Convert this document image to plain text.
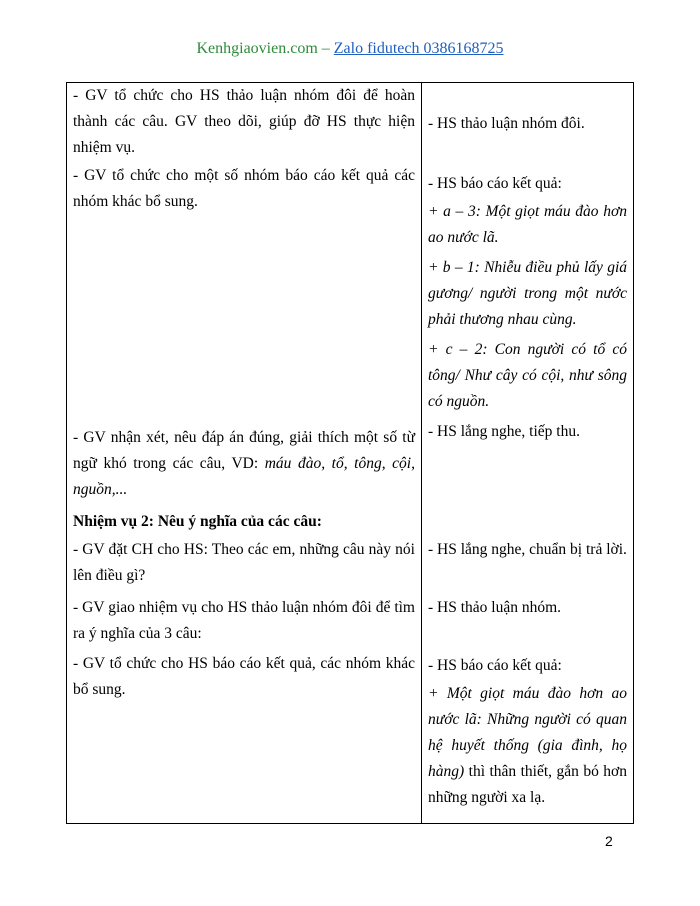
Kenhgiaovien.com – Zalo fidutech 0386168725
- GV tổ chức cho HS thảo luận nhóm đôi để hoàn thành các câu. GV theo dõi, giúp đỡ HS thực hiện nhiệm vụ.
- GV tổ chức cho một số nhóm báo cáo kết quả các nhóm khác bổ sung.
- GV nhận xét, nêu đáp án đúng, giải thích một số từ ngữ khó trong các câu, VD: máu đào, tổ, tông, cội, nguồn,...
Nhiệm vụ 2: Nêu ý nghĩa của các câu:
- GV đặt CH cho HS: Theo các em, những câu này nói lên điều gì?
- GV giao nhiệm vụ cho HS thảo luận nhóm đôi để tìm ra ý nghĩa của 3 câu:
- GV tổ chức cho HS báo cáo kết quả, các nhóm khác bổ sung.
- HS thảo luận nhóm đôi.
- HS báo cáo kết quả:
+ a – 3: Một giọt máu đào hơn ao nước lã.
+ b – 1: Nhiễu điều phủ lấy giá gương/ người trong một nước phải thương nhau cùng.
+ c – 2: Con người có tổ có tông/ Như cây có cội, như sông có nguồn.
- HS lắng nghe, tiếp thu.
- HS lắng nghe, chuẩn bị trả lời.
- HS thảo luận nhóm.
- HS báo cáo kết quả:
+ Một giọt máu đào hơn ao nước lã: Những người có quan hệ huyết thống (gia đình, họ hàng) thì thân thiết, gắn bó hơn những người xa lạ.
2
